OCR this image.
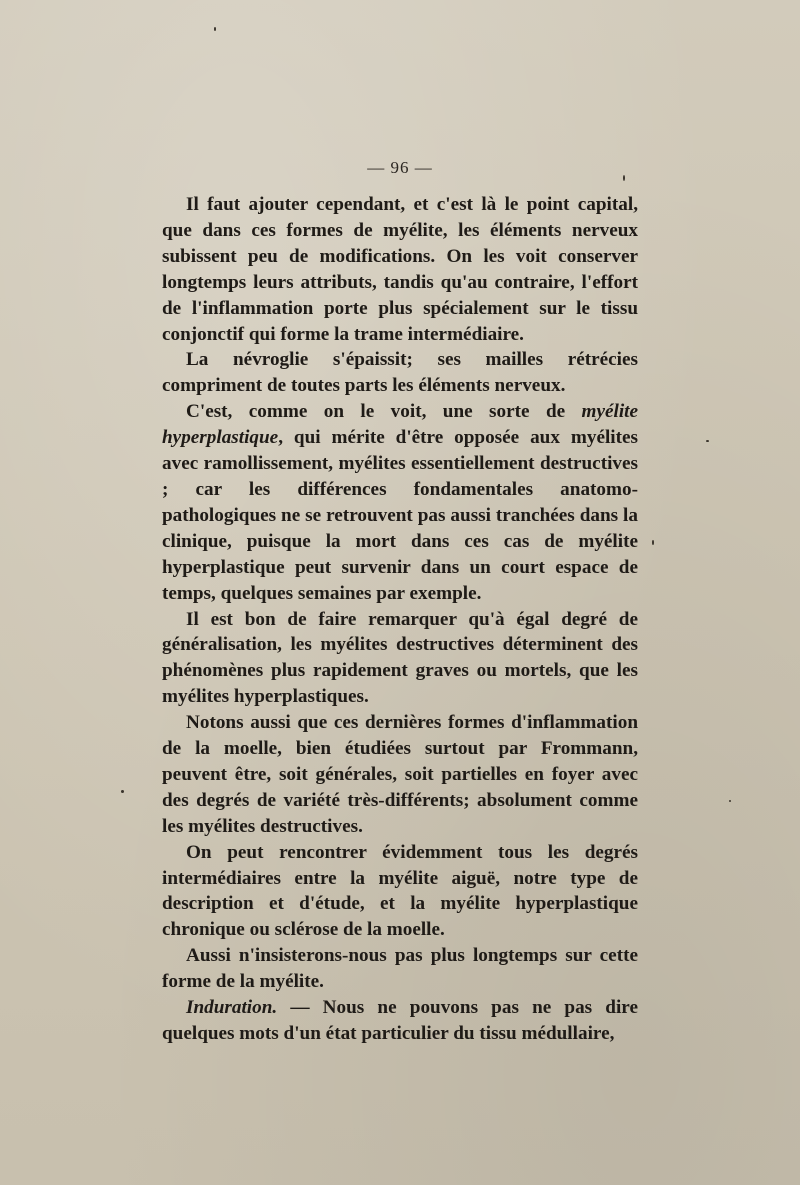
— 96 —

Il faut ajouter cependant, et c'est là le point capital, que dans ces formes de myélite, les éléments nerveux subissent peu de modifications. On les voit conserver longtemps leurs attributs, tandis qu'au contraire, l'effort de l'inflammation porte plus spécialement sur le tissu conjonctif qui forme la trame intermédiaire.

La névroglie s'épaissit; ses mailles rétrécies compriment de toutes parts les éléments nerveux.

C'est, comme on le voit, une sorte de myélite hyperplastique, qui mérite d'être opposée aux myélites avec ramollissement, myélites essentiellement destructives ; car les différences fondamentales anatomo-pathologiques ne se retrouvent pas aussi tranchées dans la clinique, puisque la mort dans ces cas de myélite hyperplastique peut survenir dans un court espace de temps, quelques semaines par exemple.

Il est bon de faire remarquer qu'à égal degré de généralisation, les myélites destructives déterminent des phénomènes plus rapidement graves ou mortels, que les myélites hyperplastiques.

Notons aussi que ces dernières formes d'inflammation de la moelle, bien étudiées surtout par Frommann, peuvent être, soit générales, soit partielles en foyer avec des degrés de variété très-différents; absolument comme les myélites destructives.

On peut rencontrer évidemment tous les degrés intermédiaires entre la myélite aiguë, notre type de description et d'étude, et la myélite hyperplastique chronique ou sclérose de la moelle.

Aussi n'insisterons-nous pas plus longtemps sur cette forme de la myélite.

Induration. — Nous ne pouvons pas ne pas dire quelques mots d'un état particulier du tissu médullaire,
